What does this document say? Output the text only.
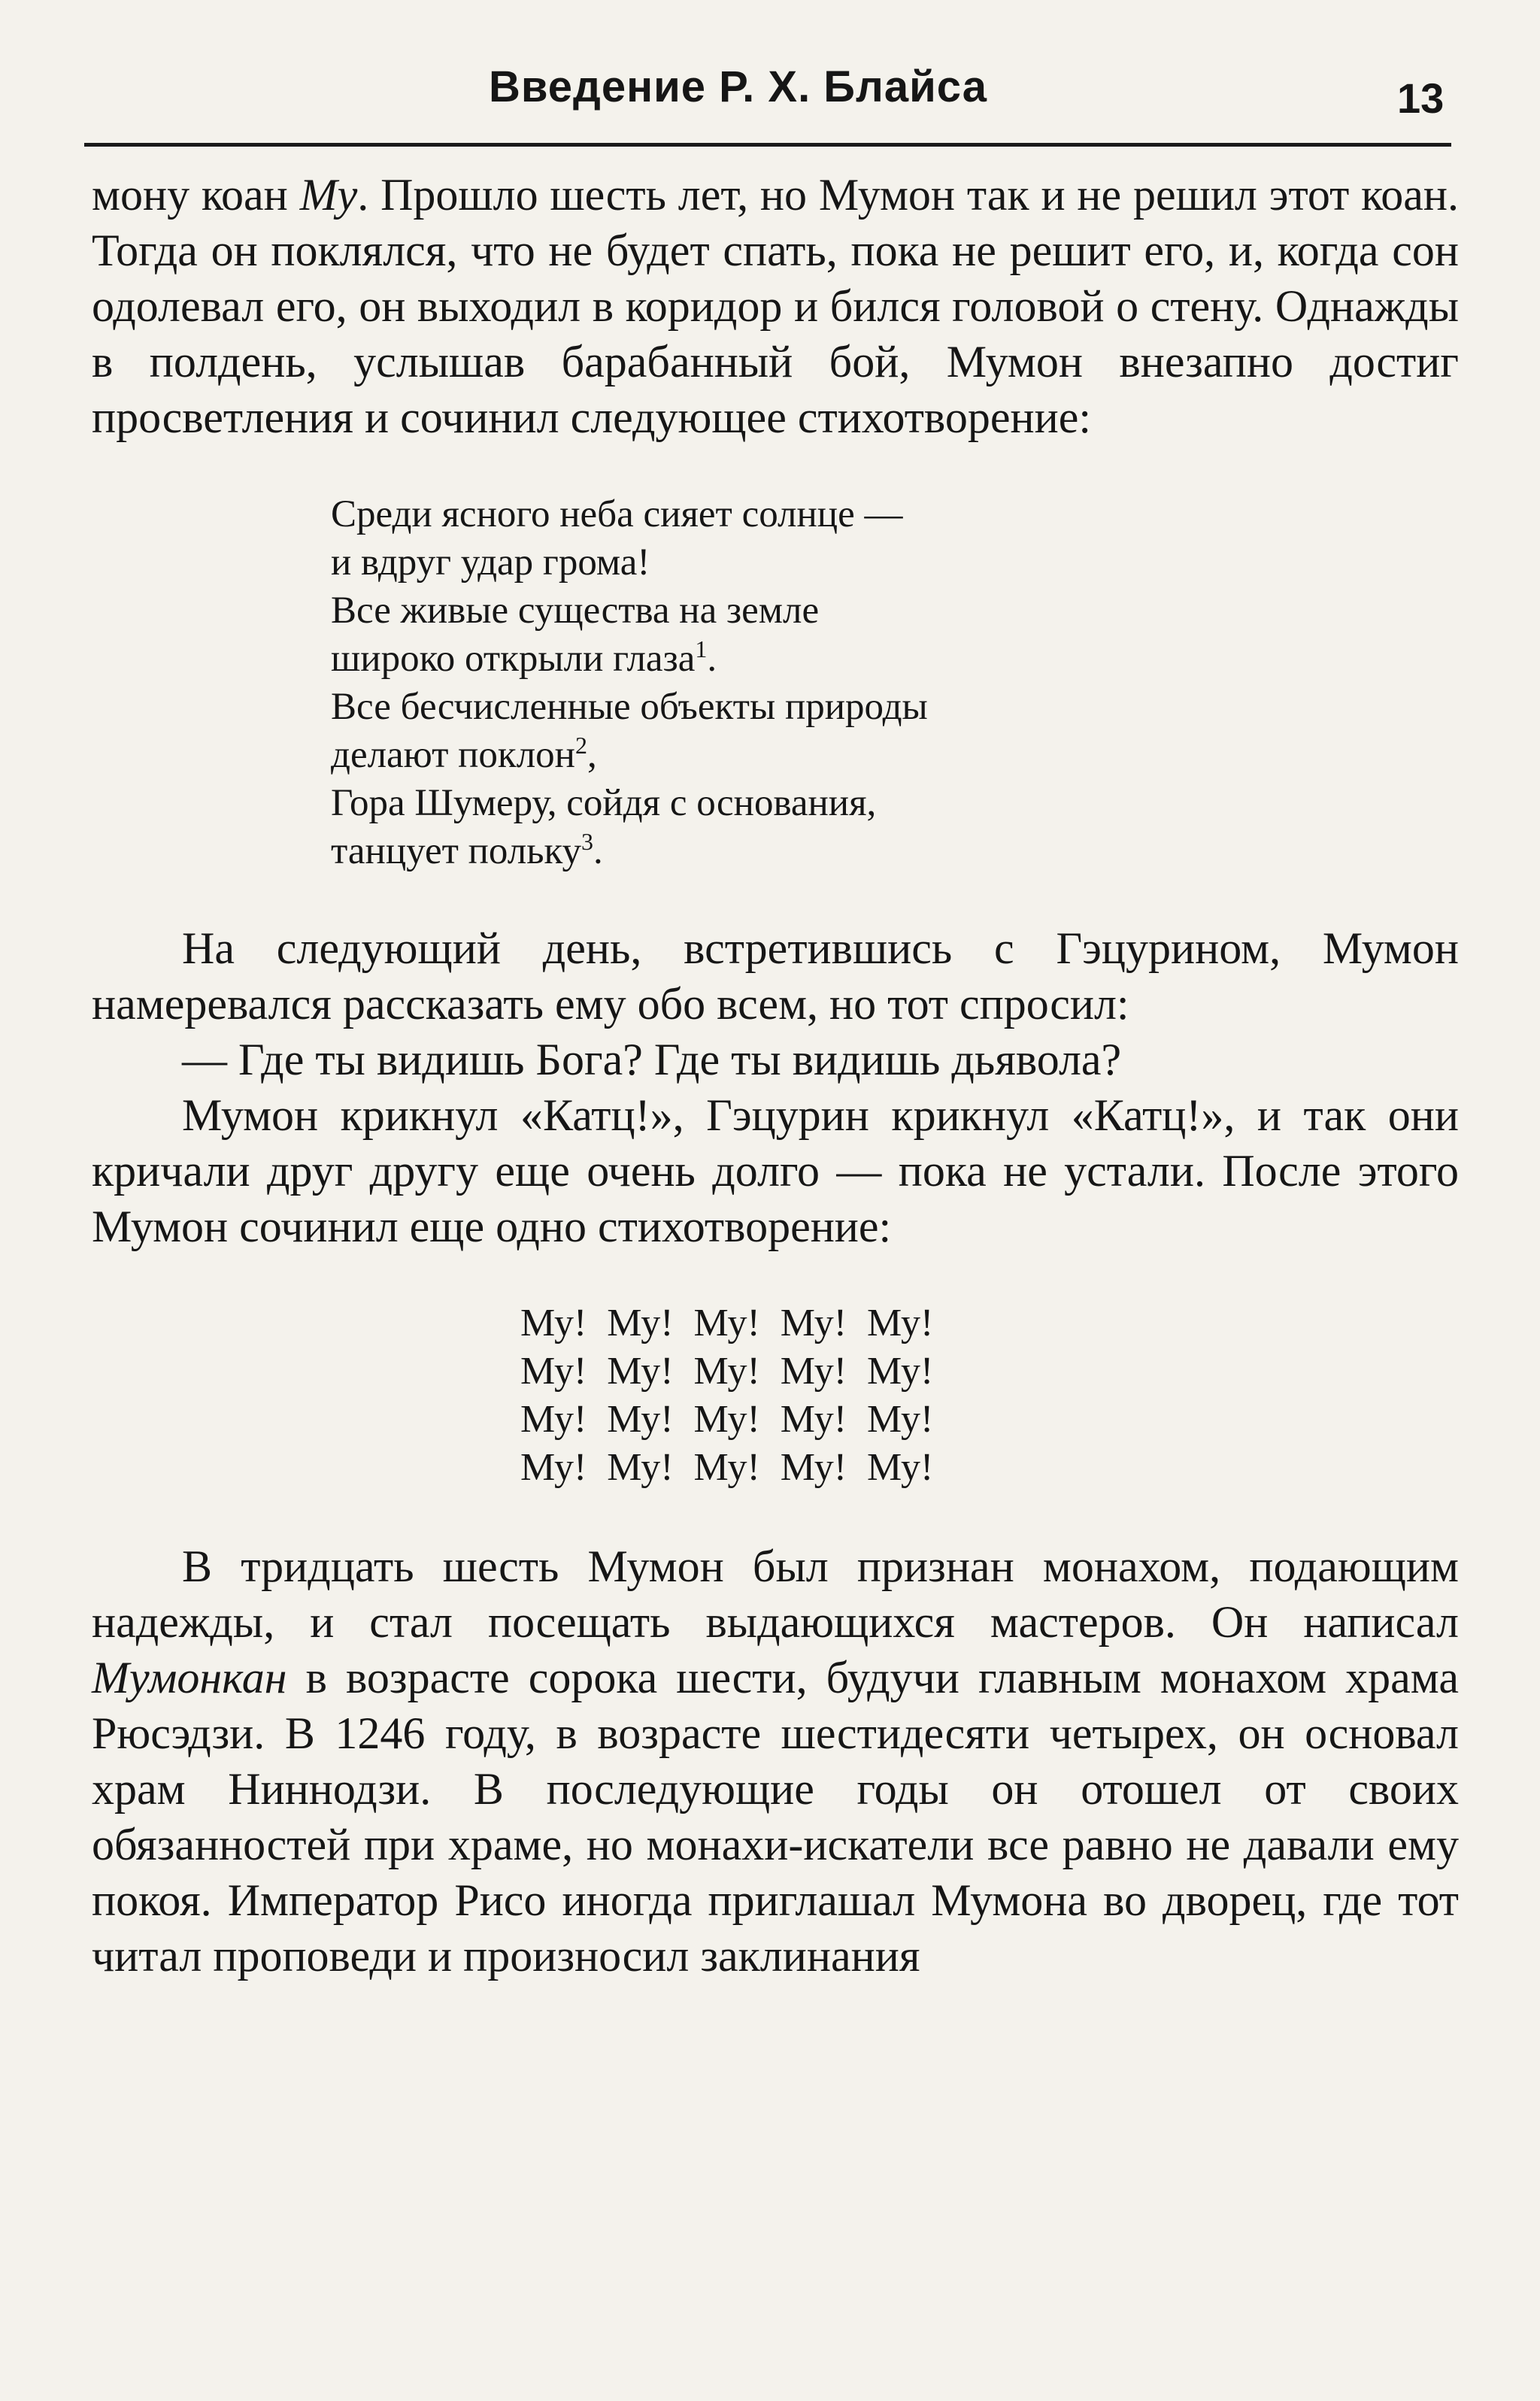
Введение Р. Х. Блайса	13

мону коан Му. Прошло шесть лет, но Мумон так и не решил этот коан. Тогда он поклялся, что не будет спать, пока не решит его, и, когда сон одолевал его, он выходил в коридор и бился головой о стену. Однажды в полдень, услышав барабанный бой, Мумон внезапно достиг просветления и сочинил следующее стихотворение:

Среди ясного неба сияет солнце —
и вдруг удар грома!
Все живые существа на земле
широко открыли глаза$^1$.
Все бесчисленные объекты природы
делают поклон$^2$,
Гора Шумеру, сойдя с основания,
танцует польку$^3$.

На следующий день, встретившись с Гэцурином, Мумон намеревался рассказать ему обо всем, но тот спросил:

— Где ты видишь Бога? Где ты видишь дьявола?

Мумон крикнул «Катц!», Гэцурин крикнул «Катц!», и так они кричали друг другу еще очень долго — пока не устали. После этого Мумон сочинил еще одно стихотворение:

Му! Му! Му! Му! Му!
Му! Му! Му! Му! Му!
Му! Му! Му! Му! Му!
Му! Му! Му! Му! Му!

В тридцать шесть Мумон был признан монахом, подающим надежды, и стал посещать выдающихся мастеров. Он написал Мумонкан в возрасте сорока шести, будучи главным монахом храма Рюсэдзи. В 1246 году, в возрасте шестидесяти четырех, он основал храм Ниннодзи. В последующие годы он отошел от своих обязанностей при храме, но монахи-искатели все равно не давали ему покоя. Император Рисо иногда приглашал Мумона во дворец, где тот читал проповеди и произносил заклинания
